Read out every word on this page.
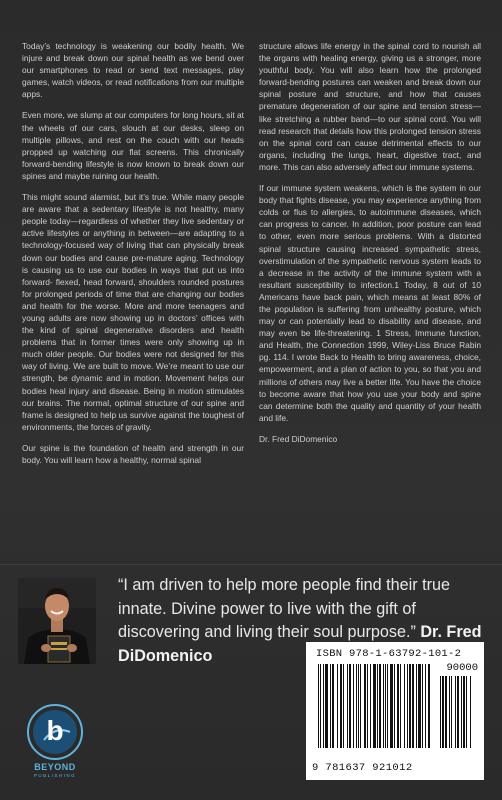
Today’s technology is weakening our bodily health. We injure and break down our spinal health as we bend over our smartphones to read or send text messages, play games, watch videos, or read notifications from our multiple apps.

Even more, we slump at our computers for long hours, sit at the wheels of our cars, slouch at our desks, sleep on multiple pillows, and rest on the couch with our heads propped up watching our flat screens. This chronically forward-bending lifestyle is now known to break down our spines and maybe ruining our health.

This might sound alarmist, but it’s true. While many people are aware that a sedentary lifestyle is not healthy, many people today—regardless of whether they live sedentary or active lifestyles or anything in between—are adapting to a technology-focused way of living that can physically break down our bodies and cause pre-mature aging. Technology is causing us to use our bodies in ways that put us into forward- flexed, head forward, shoulders rounded postures for prolonged periods of time that are changing our bodies and health for the worse. More and more teenagers and young adults are now showing up in doctors’ offices with the kind of spinal degenerative disorders and health problems that in former times were only showing up in much older people. Our bodies were not designed for this way of living. We are built to move. We’re meant to use our strength, be dynamic and in motion. Movement helps our bodies heal injury and disease. Being in motion stimulates our brains. The normal, optimal structure of our spine and frame is designed to help us survive against the toughest of environments, the forces of gravity.

Our spine is the foundation of health and strength in our body. You will learn how a healthy, normal spinal

structure allows life energy in the spinal cord to nourish all the organs with healing energy, giving us a stronger, more youthful body. You will also learn how the prolonged forward-bending postures can weaken and break down our spinal posture and structure, and how that causes premature degeneration of our spine and tension stress—like stretching a rubber band—to our spinal cord. You will read research that details how this prolonged tension stress on the spinal cord can cause detrimental effects to our organs, including the lungs, heart, digestive tract, and more. This can also adversely affect our immune systems.

If our immune system weakens, which is the system in our body that fights disease, you may experience anything from colds or flus to allergies, to autoimmune diseases, which can progress to cancer. In addition, poor posture can lead to other, even more serious problems. With a distorted spinal structure causing increased sympathetic stress, overstimulation of the sympathetic nervous system leads to a decrease in the activity of the immune system with a resultant susceptibility to infection.1 Today, 8 out of 10 Americans have back pain, which means at least 80% of the population is suffering from unhealthy posture, which may or can potentially lead to disability and disease, and may even be life-threatening. 1 Stress, Immune function, and Health, the Connection 1999, Wiley-Liss Bruce Rabin pg. 114. I wrote Back to Health to bring awareness, choice, empowerment, and a plan of action to you, so that you and millions of others may live a better life. You have the choice to become aware that how you use your body and spine can determine both the quality and quantity of your health and life.

Dr. Fred DiDomenico

“I am driven to help more people find their true innate. Divine power to live with the gift of discovering and living their soul purpose.” Dr. Fred DiDomenico
b
BEYOND
PUBLISHING
ISBN 978-1-63792-101-2
90000
9 781637 921012
